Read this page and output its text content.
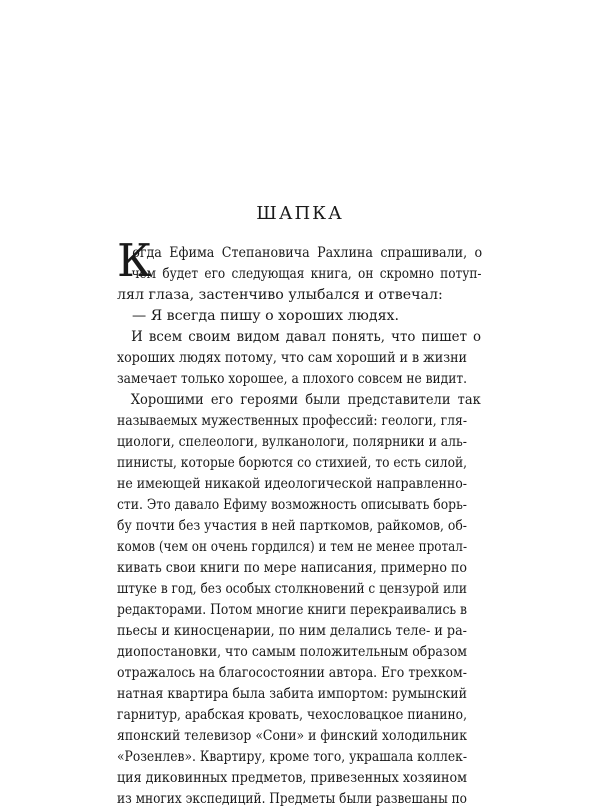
ШАПКА
К
огда Ефима Степановича Рахлина спрашивали, о
чем будет его следующая книга, он скромно потуп-
лял глаза, застенчиво улыбался и отвечал:
— Я всегда пишу о хороших людях.
И всем своим видом давал понять, что пишет о
хороших людях потому, что сам хороший и в жизни
замечает только хорошее, а плохого совсем не видит.
Хорошими его героями были представители так
называемых мужественных профессий: геологи, гля-
циологи, спелеологи, вулканологи, полярники и аль-
пинисты, которые борются со стихией, то есть силой,
не имеющей никакой идеологической направленно-
сти. Это давало Ефиму возможность описывать борь-
бу почти без участия в ней парткомов, райкомов, об-
комов (чем он очень гордился) и тем не менее протал-
кивать свои книги по мере написания, примерно по
штуке в год, без особых столкновений с цензурой или
редакторами. Потом многие книги перекраивались в
пьесы и киносценарии, по ним делались теле- и ра-
диопостановки, что самым положительным образом
отражалось на благосостоянии автора. Его трехком-
натная квартира была забита импортом: румынский
гарнитур, арабская кровать, чехословацкое пианино,
японский телевизор «Сони» и финский холодильник
«Розенлев». Квартиру, кроме того, украшала коллек-
ция диковинных предметов, привезенных хозяином
из многих экспедиций. Предметы были развешаны по
